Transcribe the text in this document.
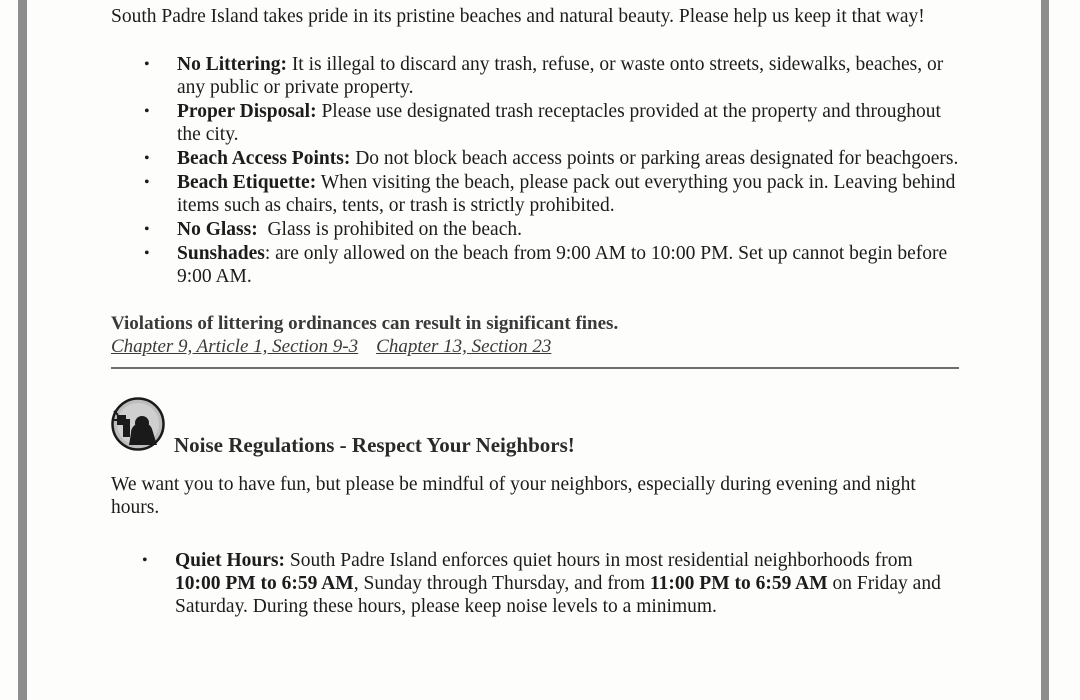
South Padre Island takes pride in its pristine beaches and natural beauty. Please help us keep it that way!

• No Littering: It is illegal to discard any trash, refuse, or waste onto streets, sidewalks, beaches, or any public or private property.
• Proper Disposal: Please use designated trash receptacles provided at the property and throughout the city.
• Beach Access Points: Do not block beach access points or parking areas designated for beachgoers.
• Beach Etiquette: When visiting the beach, please pack out everything you pack in. Leaving behind items such as chairs, tents, or trash is strictly prohibited.
• No Glass:  Glass is prohibited on the beach.
• Sunshades: are only allowed on the beach from 9:00 AM to 10:00 PM. Set up cannot begin before 9:00 AM.

Violations of littering ordinances can result in significant fines.

Chapter 9, Article 1, Section 9-3 Chapter 13, Section 23

Noise Regulations - Respect Your Neighbors!

We want you to have fun, but please be mindful of your neighbors, especially during evening and night hours.

• Quiet Hours: South Padre Island enforces quiet hours in most residential neighborhoods from 10:00 PM to 6:59 AM, Sunday through Thursday, and from 11:00 PM to 6:59 AM on Friday and Saturday. During these hours, please keep noise levels to a minimum.
